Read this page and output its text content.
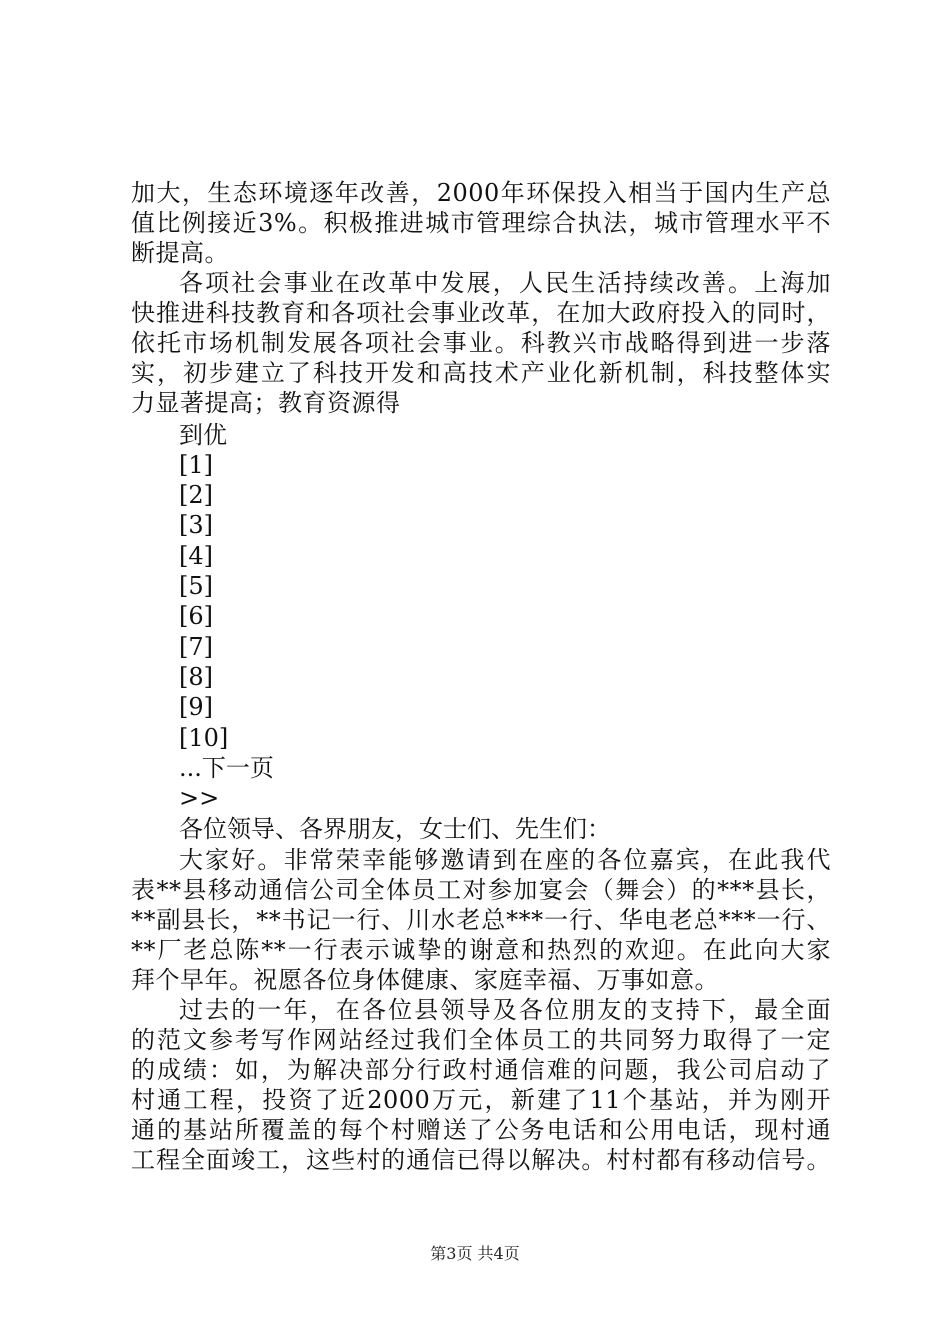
加大，生态环境逐年改善，2000年环保投入相当于国内生产总
值比例接近3%。积极推进城市管理综合执法，城市管理水平不
断提高。
各项社会事业在改革中发展，人民生活持续改善。上海加
快推进科技教育和各项社会事业改革，在加大政府投入的同时，
依托市场机制发展各项社会事业。科教兴市战略得到进一步落
实，初步建立了科技开发和高技术产业化新机制，科技整体实
力显著提高；教育资源得
到优
[1]
[2]
[3]
[4]
[5]
[6]
[7]
[8]
[9]
[10]
...下一页
>>
各位领导、各界朋友，女士们、先生们：
大家好。非常荣幸能够邀请到在座的各位嘉宾，在此我代
表**县移动通信公司全体员工对参加宴会（舞会）的***县长，
**副县长，**书记一行、川水老总***一行、华电老总***一行、
**厂老总陈**一行表示诚挚的谢意和热烈的欢迎。在此向大家
拜个早年。祝愿各位身体健康、家庭幸福、万事如意。
过去的一年，在各位县领导及各位朋友的支持下，最全面
的范文参考写作网站经过我们全体员工的共同努力取得了一定
的成绩：如，为解决部分行政村通信难的问题，我公司启动了
村通工程，投资了近2000万元，新建了11个基站，并为刚开
通的基站所覆盖的每个村赠送了公务电话和公用电话，现村通
工程全面竣工，这些村的通信已得以解决。村村都有移动信号。
第3页 共4页
